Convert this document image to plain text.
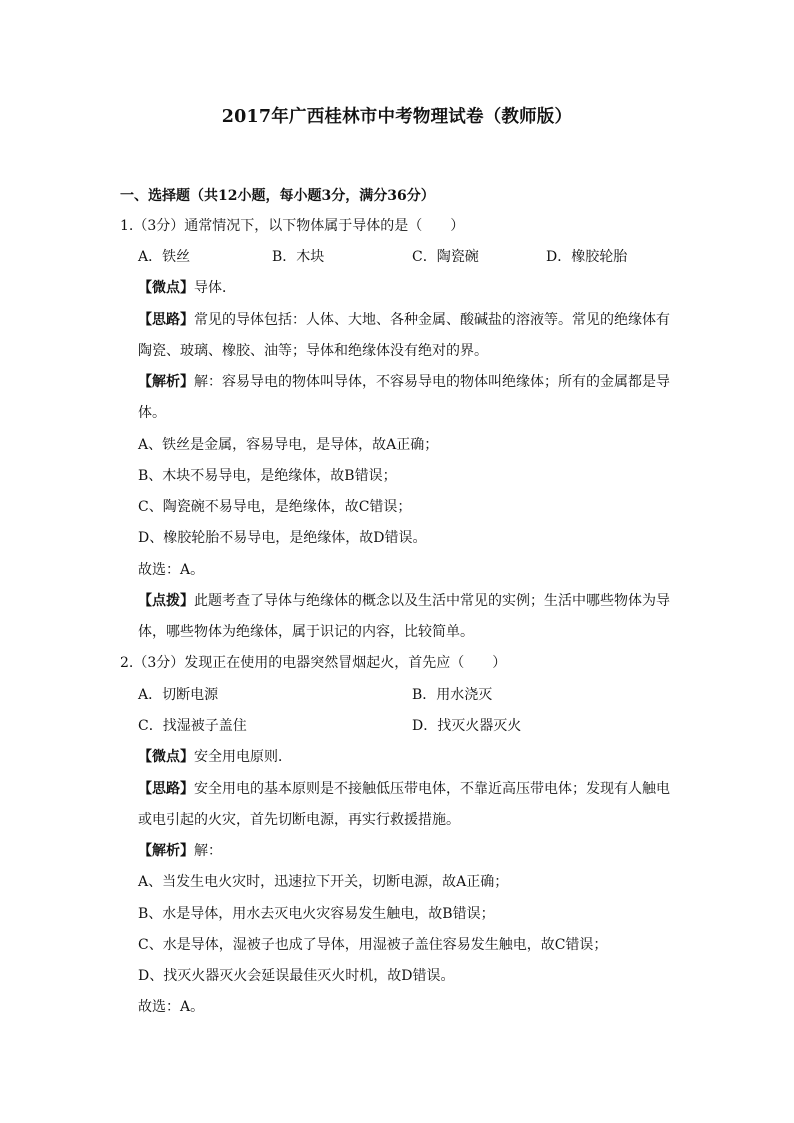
2017年广西桂林市中考物理试卷（教师版）
一、选择题（共12小题，每小题3分，满分36分）
1.（3分）通常情况下，以下物体属于导体的是（　　）
A．铁丝	B．木块	C．陶瓷碗	D．橡胶轮胎
【微点】导体．
【思路】常见的导体包括：人体、大地、各种金属、酸碱盐的溶液等。常见的绝缘体有
陶瓷、玻璃、橡胶、油等；导体和绝缘体没有绝对的界。
【解析】解：容易导电的物体叫导体，不容易导电的物体叫绝缘体；所有的金属都是导
体。
A、铁丝是金属，容易导电，是导体，故A正确；
B、木块不易导电，是绝缘体，故B错误；
C、陶瓷碗不易导电，是绝缘体，故C错误；
D、橡胶轮胎不易导电，是绝缘体，故D错误。
故选：A。
【点拨】此题考查了导体与绝缘体的概念以及生活中常见的实例；生活中哪些物体为导
体，哪些物体为绝缘体，属于识记的内容，比较简单。
2.（3分）发现正在使用的电器突然冒烟起火，首先应（　　）
A．切断电源	B．用水浇灭
C．找湿被子盖住	D．找灭火器灭火
【微点】安全用电原则．
【思路】安全用电的基本原则是不接触低压带电体，不靠近高压带电体；发现有人触电
或电引起的火灾，首先切断电源，再实行救援措施。
【解析】解：
A、当发生电火灾时，迅速拉下开关，切断电源，故A正确；
B、水是导体，用水去灭电火灾容易发生触电，故B错误；
C、水是导体，湿被子也成了导体，用湿被子盖住容易发生触电，故C错误；
D、找灭火器灭火会延误最佳灭火时机，故D错误。
故选：A。
